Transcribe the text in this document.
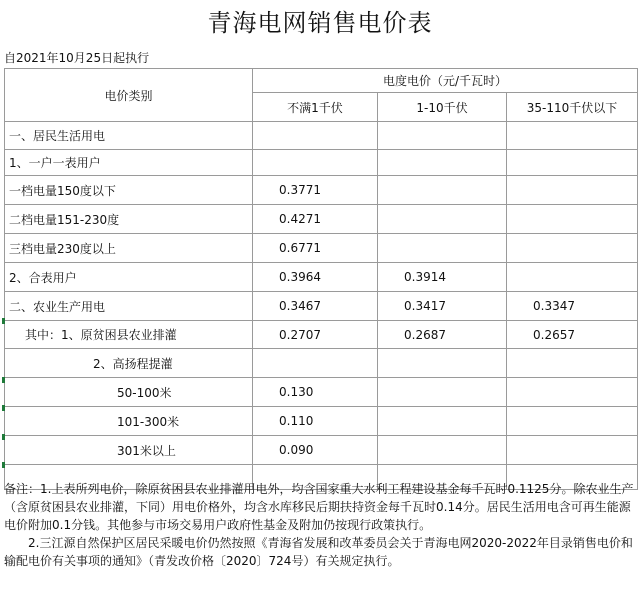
青海电网销售电价表
自2021年10月25日起执行
电价类别	电度电价（元/千瓦时）		
	不满1千伏	1-10千伏	35-110千伏以下
一、居民生活用电			
1、一户一表用户			
一档电量150度以下	0.3771		
二档电量151-230度	0.4271		
三档电量230度以上	0.6771		
2、合表用户	0.3964	0.3914	
二、农业生产用电	0.3467	0.3417	0.3347
其中：1、原贫困县农业排灌	0.2707	0.2687	0.2657
2、高扬程提灌			
50-100米	0.130		
101-300米	0.110		
301米以上	0.090		

备注：1.上表所列电价，除原贫困县农业排灌用电外，均含国家重大水利工程建设基金每千瓦时0.1125分。除农业生产（含原贫困县农业排灌，下同）用电价格外，均含水库移民后期扶持资金每千瓦时0.14分。居民生活用电含可再生能源电价附加0.1分钱。其他参与市场交易用户政府性基金及附加仍按现行政策执行。

2.三江源自然保护区居民采暖电价仍然按照《青海省发展和改革委员会关于青海电网2020-2022年目录销售电价和输配电价有关事项的通知》（青发改价格〔2020〕724号）有关规定执行。
